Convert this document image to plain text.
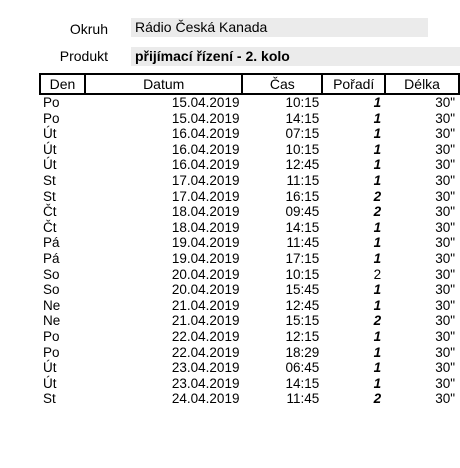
Okruh Rádio Česká Kanada
Produkt přijímací řízení - 2. kolo
Den	Datum	Čas	Pořadí	Délka
Po	15.04.2019	10:15	1	30"
Po	15.04.2019	14:15	1	30"
Út	16.04.2019	07:15	1	30"
Út	16.04.2019	10:15	1	30"
Út	16.04.2019	12:45	1	30"
St	17.04.2019	11:15	1	30"
St	17.04.2019	16:15	2	30"
Čt	18.04.2019	09:45	2	30"
Čt	18.04.2019	14:15	1	30"
Pá	19.04.2019	11:45	1	30"
Pá	19.04.2019	17:15	1	30"
So	20.04.2019	10:15	2	30"
So	20.04.2019	15:45	1	30"
Ne	21.04.2019	12:45	1	30"
Ne	21.04.2019	15:15	2	30"
Po	22.04.2019	12:15	1	30"
Po	22.04.2019	18:29	1	30"
Út	23.04.2019	06:45	1	30"
Út	23.04.2019	14:15	1	30"
St	24.04.2019	11:45	2	30"
